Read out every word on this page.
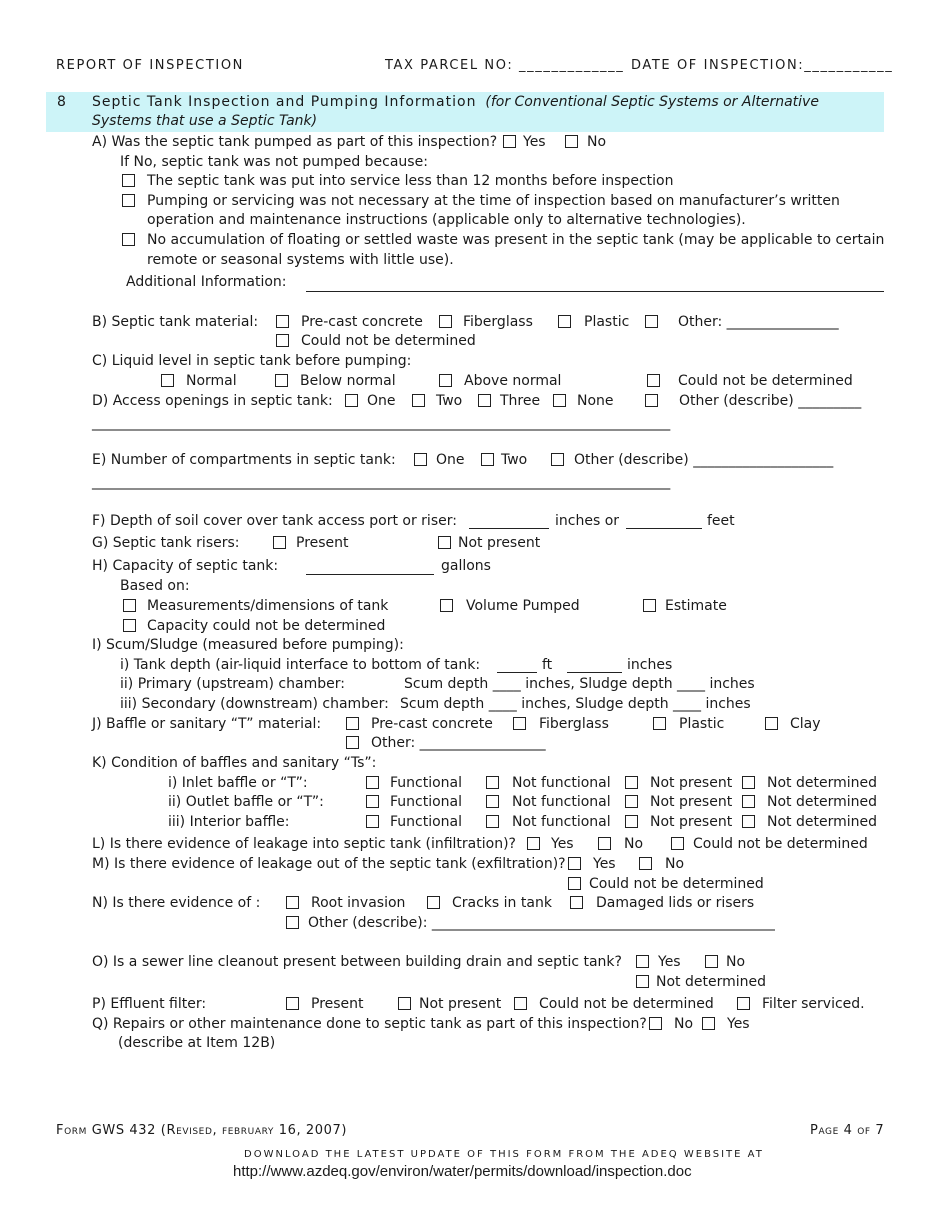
REPORT OF INSPECTION	TAX PARCEL NO: _____________ DATE OF INSPECTION:___________
8 Septic Tank Inspection and Pumping Information (for Conventional Septic Systems or Alternative
Systems that use a Septic Tank)
A) Was the septic tank pumped as part of this inspection? Yes	No
If No, septic tank was not pumped because:
The septic tank was put into service less than 12 months before inspection
Pumping or servicing was not necessary at the time of inspection based on manufacturer’s written
operation and maintenance instructions (applicable only to alternative technologies).
No accumulation of floating or settled waste was present in the septic tank (may be applicable to certain
remote or seasonal systems with little use).
Additional Information:
B) Septic tank material:	Pre-cast concrete	Fiberglass	Plastic	Other: ________________
Could not be determined
C) Liquid level in septic tank before pumping:
Normal	Below normal	Above normal	Could not be determined
D) Access openings in septic tank: One	Two	Three	None	Other (describe) _________
_____________________________________________________________________________________
E) Number of compartments in septic tank:	One	Two	Other (describe) ____________________
_____________________________________________________________________________________
F) Depth of soil cover over tank access port or riser:	inches or	feet
G) Septic tank risers:	Present	Not present
H) Capacity of septic tank:	gallons
Based on:
Measurements/dimensions of tank	Volume Pumped	Estimate
Capacity could not be determined
I) Scum/Sludge (measured before pumping):
i) Tank depth (air-liquid interface to bottom of tank:	ft	inches
ii) Primary (upstream) chamber:	Scum depth ____ inches, Sludge depth ____ inches
iii) Secondary (downstream) chamber: Scum depth ____ inches, Sludge depth ____ inches
J) Baffle or sanitary “T” material:	Pre-cast concrete	Fiberglass	Plastic	Clay
Other: __________________
K) Condition of baffles and sanitary “Ts”:
i) Inlet baffle or “T”:	Functional	Not functional	Not present Not determined
ii) Outlet baffle or “T”:	Functional	Not functional	Not present Not determined
iii) Interior baffle:	Functional	Not functional	Not present Not determined
L) Is there evidence of leakage into septic tank (infiltration)?	Yes	No	Could not be determined
M) Is there evidence of leakage out of the septic tank (exfiltration)? Yes	No
Could not be determined
N) Is there evidence of :	Root invasion	Cracks in tank	Damaged lids or risers
Other (describe): _________________________________________________
O) Is a sewer line cleanout present between building drain and septic tank?	Yes	No
Not determined
P) Effluent filter:	Present	Not present	Could not be determined	Filter serviced.
Q) Repairs or other maintenance done to septic tank as part of this inspection? No Yes
(describe at Item 12B)
Form GWS 432 (Revised, february 16, 2007)	Page 4 of 7
DOWNLOAD THE LATEST UPDATE OF THIS FORM FROM THE ADEQ WEBSITE AT
http://www.azdeq.gov/environ/water/permits/download/inspection.doc
